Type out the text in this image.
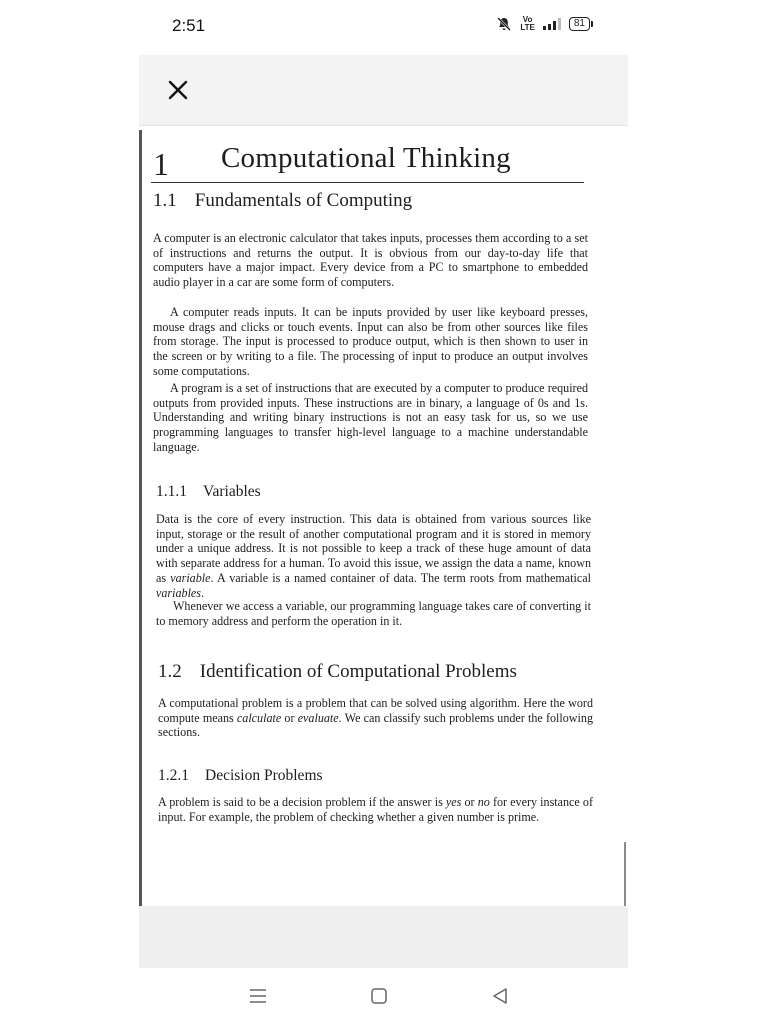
2:51	Vo
LTE	81
1 Computational Thinking
1.1 Fundamentals of Computing

A computer is an electronic calculator that takes inputs, processes them according to a set of instructions and returns the output. It is obvious from our day-to-day life that computers have a major impact. Every device from a PC to smartphone to embedded audio player in a car are some form of computers.

A computer reads inputs. It can be inputs provided by user like keyboard presses, mouse drags and clicks or touch events. Input can also be from other sources like files from storage. The input is processed to produce output, which is then shown to user in the screen or by writing to a file. The processing of input to produce an output involves some computations.

A program is a set of instructions that are executed by a computer to produce required outputs from provided inputs. These instructions are in binary, a language of 0s and 1s. Understanding and writing binary instructions is not an easy task for us, so we use programming languages to transfer high-level language to a machine understandable language.

1.1.1 Variables

Data is the core of every instruction. This data is obtained from various sources like input, storage or the result of another computational program and it is stored in memory under a unique address. It is not possible to keep a track of these huge amount of data with separate address for a human. To avoid this issue, we assign the data a name, known as variable. A variable is a named container of data. The term roots from mathematical variables.

Whenever we access a variable, our programming language takes care of converting it to memory address and perform the operation in it.

1.2 Identification of Computational Problems

A computational problem is a problem that can be solved using algorithm. Here the word compute means calculate or evaluate. We can classify such problems under the following sections.

1.2.1 Decision Problems

A problem is said to be a decision problem if the answer is yes or no for every instance of input. For example, the problem of checking whether a given number is prime.
